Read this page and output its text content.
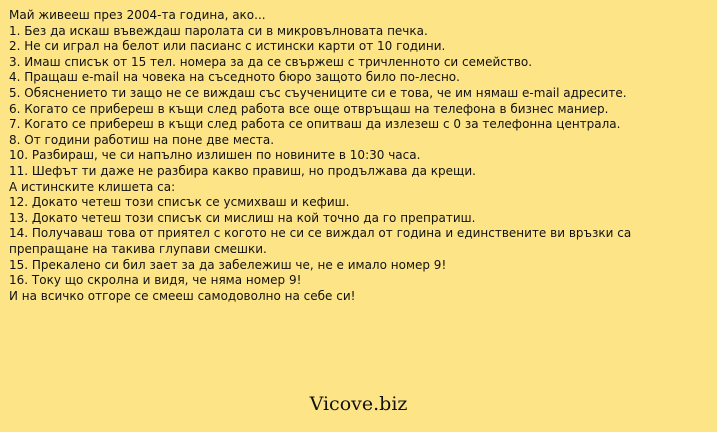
Май живееш през 2004-та година, ако...
1. Без да искаш въвеждаш паролата си в микровълновата печка.
2. Не си играл на белот или пасианс с истински карти от 10 години.
3. Имаш списък от 15 тел. номера за да се свържеш с тричленното си семейство.
4. Пращаш e-mail на човека на съседното бюро защото било по-лесно.
5. Обяснението ти защо не се виждаш със съучениците си е това, че им нямаш e-mail адресите.
6. Когато се прибереш в къщи след работа все още отвръщаш на телефона в бизнес маниер.
7. Когато се прибереш в къщи след работа се опитваш да излезеш с 0 за телефонна централа.
8. От години работиш на поне две места.
10. Разбираш, че си напълно излишен по новините в 10:30 часа.
11. Шефът ти даже не разбира какво правиш, но продължава да крещи.
А истинските клишета са:
12. Докато четеш този списък се усмихваш и кефиш.
13. Докато четеш този списък си мислиш на кой точно да го препратиш.
14. Получаваш това от приятел с когото не си се виждал от година и единствените ви връзки са препращане на такива глупави смешки.
15. Прекалено си бил зает за да забележиш че, не е имало номер 9!
16. Току що скролна и видя, че няма номер 9!
И на всичко отгоре се смееш самодоволно на себе си!
Vicove.biz
